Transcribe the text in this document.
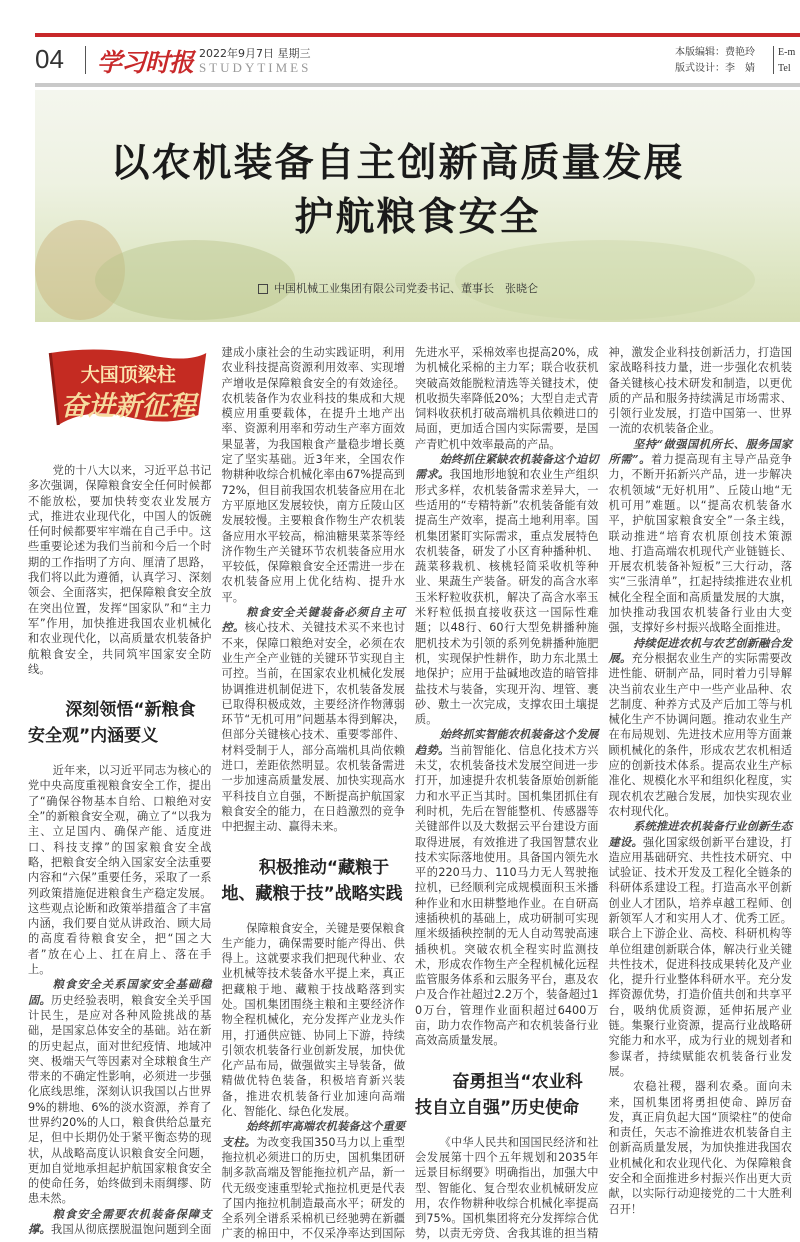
04 学习时报 2022年9月7日 星期三
STUDYTIMES
本版编辑：费艳玲
版式设计：李　婧
E-m
Tel
以农机装备自主创新高质量发展
护航粮食安全
中国机械工业集团有限公司党委书记、董事长　张晓仑
大国顶梁柱
奋进新征程

党的十八大以来，习近平总书记多次强调，保障粮食安全任何时候都不能放松，要加快转变农业发展方式，推进农业现代化，中国人的饭碗任何时候都要牢牢端在自己手中。这些重要论述为我们当前和今后一个时期的工作指明了方向、厘清了思路，我们将以此为遵循，认真学习、深刻领会、全面落实，把保障粮食安全放在突出位置，发挥“国家队”和“主力军”作用，加快推进我国农业机械化和农业现代化，以高质量农机装备护航粮食安全，共同筑牢国家安全防线。

深刻领悟“新粮食安全观”内涵要义

近年来，以习近平同志为核心的党中央高度重视粮食安全工作，提出了“确保谷物基本自给、口粮绝对安全”的新粮食安全观，确立了“以我为主、立足国内、确保产能、适度进口、科技支撑”的国家粮食安全战略，把粮食安全纳入国家安全法重要内容和“六保”重要任务，采取了一系列政策措施促进粮食生产稳定发展。这些观点论断和政策举措蕴含了丰富内涵，我们要自觉从讲政治、顾大局的高度看待粮食安全，把“国之大者”放在心上、扛在肩上、落在手上。

粮食安全关系国家安全基础稳固。历史经验表明，粮食安全关乎国计民生，是应对各种风险挑战的基础，是国家总体安全的基础。站在新的历史起点，面对世纪疫情、地域冲突、极端天气等因素对全球粮食生产带来的不确定性影响，必须进一步强化底线思维，深刻认识我国以占世界9%的耕地、6%的淡水资源，养育了世界约20%的人口，粮食供给总量充足，但中长期仍处于紧平衡态势的现状，从战略高度认识粮食安全问题，更加自觉地承担起护航国家粮食安全的使命任务，始终做到未雨绸缪、防患未然。

粮食安全需要农机装备保障支撑。我国从彻底摆脱温饱问题到全面建成小康社会的生动实践证明，利用农业科技提高资源利用效率、实现增产增收是保障粮食安全的有效途径。农机装备作为农业科技的集成和大规模应用重要载体，在提升土地产出率、资源利用率和劳动生产率方面效果显著，为我国粮食产量稳步增长奠定了坚实基础。近3年来，全国农作物耕种收综合机械化率由67%提高到72%，但目前我国农机装备应用在北方平原地区发展较快，南方丘陵山区发展较慢。主要粮食作物生产农机装备应用水平较高，棉油糖果菜茶等经济作物生产关键环节农机装备应用水平较低，保障粮食安全还需进一步在农机装备应用上优化结构、提升水平。

粮食安全关键装备必须自主可控。核心技术、关键技术买不来也讨不来，保障口粮绝对安全，必须在农业生产全产业链的关键环节实现自主可控。当前，在国家农业机械化发展协调推进机制促进下，农机装备发展已取得积极成效，主要经济作物薄弱环节“无机可用”问题基本得到解决，但部分关键核心技术、重要零部件、材料受制于人，部分高端机具尚依赖进口，差距依然明显。农机装备需进一步加速高质量发展、加快实现高水平科技自立自强，不断提高护航国家粮食安全的能力，在日趋激烈的竞争中把握主动、赢得未来。

积极推动“藏粮于地、藏粮于技”战略实践

保障粮食安全，关键是要保粮食生产能力，确保需要时能产得出、供得上。这就要求我们把现代种业、农业机械等技术装备水平提上来，真正把藏粮于地、藏粮于技战略落到实处。国机集团围绕主粮和主要经济作物全程机械化，充分发挥产业龙头作用，打通供应链、协同上下游，持续引领农机装备行业创新发展，加快优化产品布局，做强做实主导装备，做精做优特色装备，积极培育新兴装备，推进农机装备行业加速向高端化、智能化、绿色化发展。

始终抓牢高端农机装备这个重要支柱。为改变我国350马力以上重型拖拉机必须进口的历史，国机集团研制多款高端及智能拖拉机产品，新一代无级变速重型轮式拖拉机更是代表了国内拖拉机制造最高水平；研发的全系列全谱系采棉机已经驰骋在新疆广袤的棉田中，不仅采净率达到国际先进水平，采棉效率也提高20%，成为机械化采棉的主力军；联合收获机突破高效能脱粒清选等关键技术，使机收损失率降低20%；大型自走式青饲料收获机打破高端机具依赖进口的局面，更加适合国内实际需要，是国产青贮机中效率最高的产品。

始终抓住紧缺农机装备这个迫切需求。我国地形地貌和农业生产组织形式多样，农机装备需求差异大，一些适用的“专精特新”农机装备能有效提高生产效率，提高土地利用率。国机集团紧盯实际需求，重点发展特色农机装备，研发了小区育种播种机、蔬菜移栽机、核桃轻简采收机等种业、果蔬生产装备。研发的高含水率玉米籽粒收获机，解决了高含水率玉米籽粒低损直接收获这一国际性难题；以48行、60行大型免耕播种施肥机技术为引领的系列免耕播种施肥机，实现保护性耕作，助力东北黑土地保护；应用于盐碱地改造的暗管排盐技术与装备，实现开沟、埋管、裹砂、敷土一次完成，支撑农田土壤提质。

始终抓实智能农机装备这个发展趋势。当前智能化、信息化技术方兴未艾，农机装备技术发展空间进一步打开，加速提升农机装备原始创新能力和水平正当其时。国机集团抓住有利时机，先后在智能整机、传感器等关键部件以及大数据云平台建设方面取得进展，有效推进了我国智慧农业技术实际落地使用。具备国内领先水平的220马力、110马力无人驾驶拖拉机，已经顺利完成规模面积玉米播种作业和水田耕整地作业。在自研高速插秧机的基础上，成功研制可实现厘米级插秧控制的无人自动驾驶高速插秧机。突破农机全程实时监测技术，形成农作物生产全程机械化远程监管服务体系和云服务平台，惠及农户及合作社超过2.2万个，装备超过10万台，管理作业面积超过6400万亩，助力农作物高产和农机装备行业高效高质量发展。

奋勇担当“农业科技自立自强”历史使命

《中华人民共和国国民经济和社会发展第十四个五年规划和2035年远景目标纲要》明确指出，加强大中型、智能化、复合型农业机械研发应用，农作物耕种收综合机械化率提高到75%。国机集团将充分发挥综合优势，以责无旁贷、舍我其谁的担当精神，激发企业科技创新活力，打造国家战略科技力量，进一步强化农机装备关键核心技术研发和制造，以更优质的产品和服务持续满足市场需求、引领行业发展，打造中国第一、世界一流的农机装备企业。

坚持“做强国机所长、服务国家所需”。着力提高现有主导产品竞争力，不断开拓新兴产品，进一步解决农机领域“无好机用”、丘陵山地“无机可用”难题。以“提高农机装备水平，护航国家粮食安全”一条主线，联动推进“培育农机原创技术策源地、打造高端农机现代产业链链长、开展农机装备补短板”三大行动，落实“三张清单”，扛起持续推进农业机械化全程全面和高质量发展的大旗，加快推动我国农机装备行业由大变强，支撑好乡村振兴战略全面推进。

持续促进农机与农艺创新融合发展。充分根据农业生产的实际需要改进性能、研制产品，同时着力引导解决当前农业生产中一些产业品种、农艺制度、种养方式及产后加工等与机械化生产不协调问题。推动农业生产在布局规划、先进技术应用等方面兼顾机械化的条件，形成农艺农机相适应的创新技术体系。提高农业生产标准化、规模化水平和组织化程度，实现农机农艺融合发展，加快实现农业农村现代化。

系统推进农机装备行业创新生态建设。强化国家级创新平台建设，打造应用基础研究、共性技术研究、中试验证、技术开发及工程化全链条的科研体系建设工程。打造高水平创新创业人才团队，培养卓越工程师、创新领军人才和实用人才、优秀工匠。联合上下游企业、高校、科研机构等单位组建创新联合体，解决行业关键共性技术，促进科技成果转化及产业化，提升行业整体科研水平。充分发挥资源优势，打造价值共创和共享平台，吸纳优质资源，延伸拓展产业链。集聚行业资源，提高行业战略研究能力和水平，成为行业的规划者和参谋者，持续赋能农机装备行业发展。

农稳社稷，器利农桑。面向未来，国机集团将勇担使命、踔厉奋发，真正肩负起大国“顶梁柱”的使命和责任，矢志不渝推进农机装备自主创新高质量发展，为加快推进我国农业机械化和农业现代化、为保障粮食安全和全面推进乡村振兴作出更大贡献，以实际行动迎接党的二十大胜利召开！
